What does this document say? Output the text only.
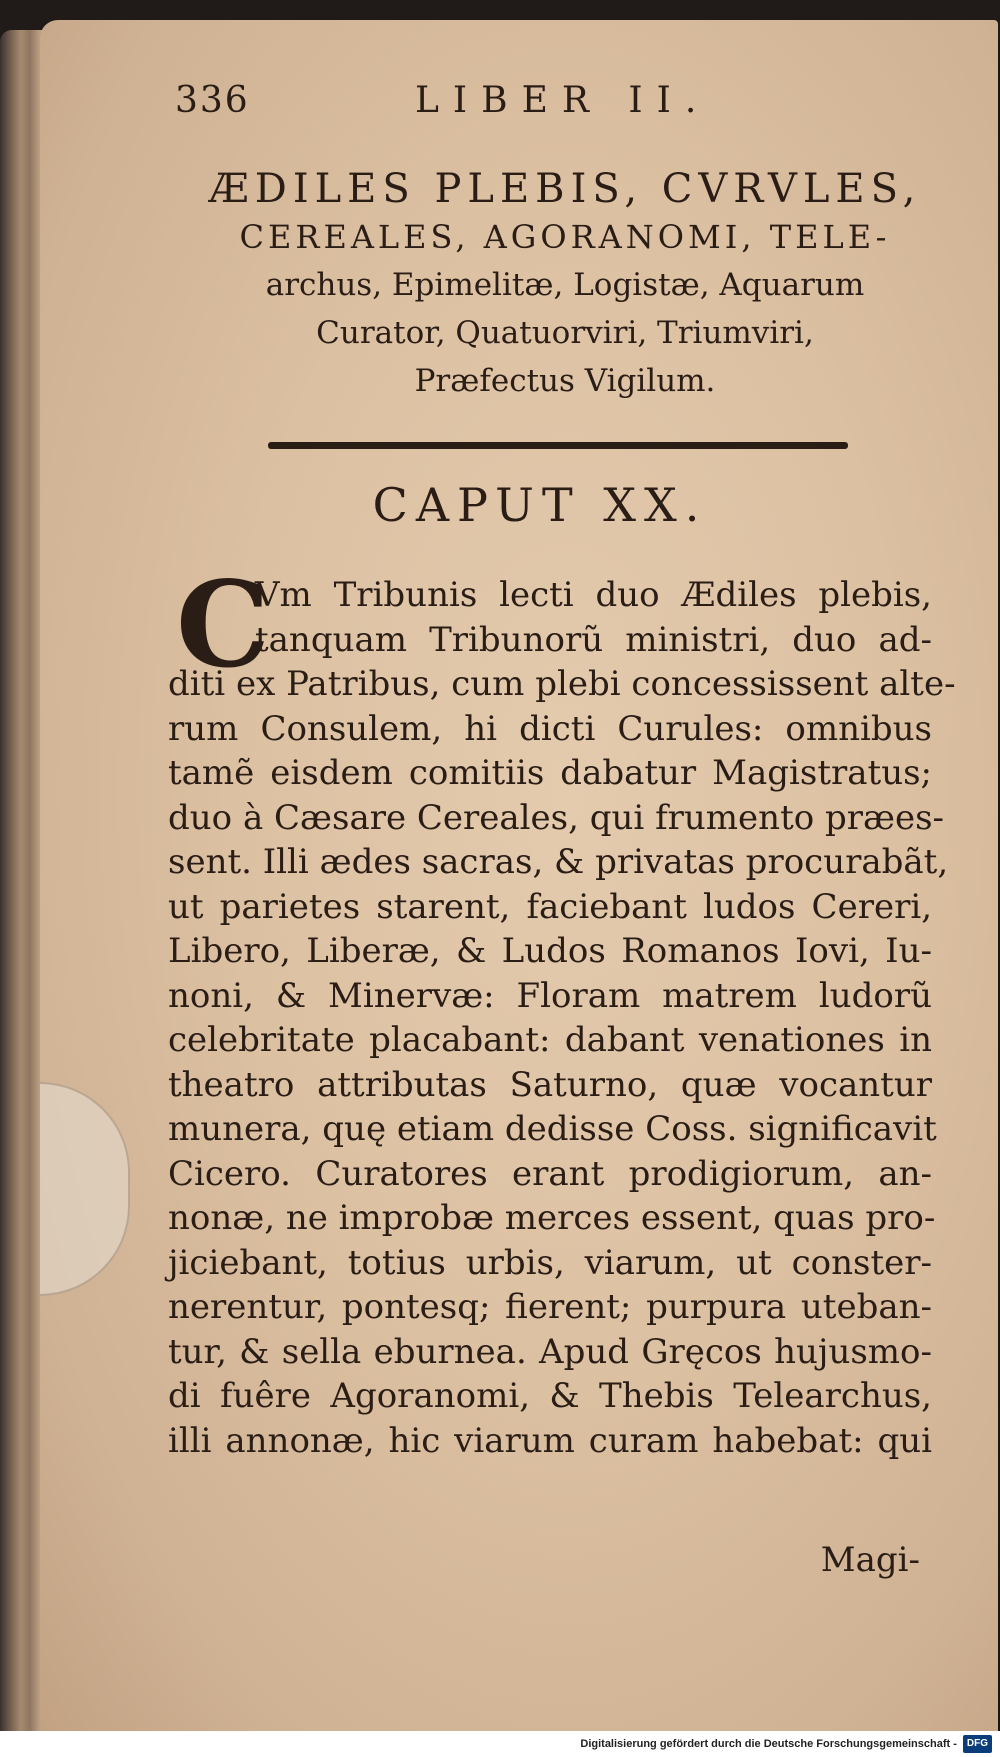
336	LIBER II.
ÆDILES PLEBIS, CVRVLES,
CEREALES, AGORANOMI, TELE-
archus, Epimelitæ, Logistæ, Aquarum
Curator, Quatuorviri, Triumviri,
Præfectus Vigilum.
CAPUT XX.
C
Vm Tribunis lecti duo Ædiles plebis,
tanquam Tribunorũ ministri, duo ad-
diti ex Patribus, cum plebi concessissent alte-
rum Consulem, hi dicti Curules: omnibus
tamẽ eisdem comitiis dabatur Magistratus;
duo à Cæsare Cereales, qui frumento præes-
sent. Illi ædes sacras, & privatas procurabãt,
ut parietes starent, faciebant ludos Cereri,
Libero, Liberæ, & Ludos Romanos Iovi, Iu-
noni, & Minervæ: Floram matrem ludorũ
celebritate placabant: dabant venationes in
theatro attributas Saturno, quæ vocantur
munera, quę etiam dedisse Coss. significavit
Cicero. Curatores erant prodigiorum, an-
nonæ, ne improbæ merces essent, quas pro-
jiciebant, totius urbis, viarum, ut conster-
nerentur, pontesq; fierent; purpura uteban-
tur, & sella eburnea. Apud Gręcos hujusmo-
di fuêre Agoranomi, & Thebis Telearchus,
illi annonæ, hic viarum curam habebat: qui
Magi-
Digitalisierung gefördert durch die Deutsche Forschungsgemeinschaft - DFG
